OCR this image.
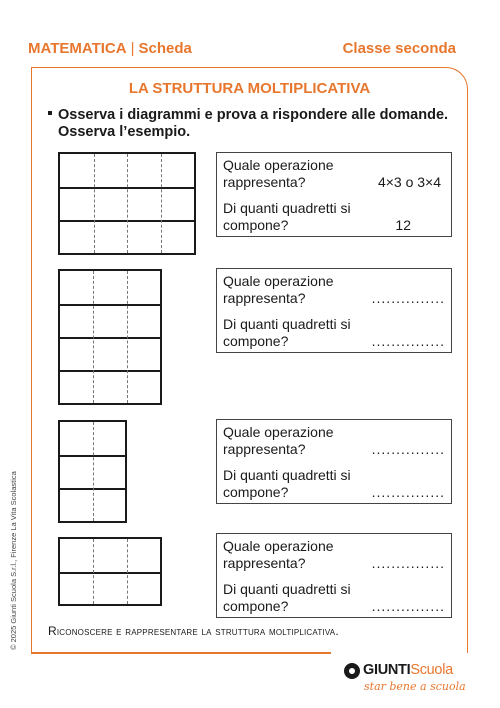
MATEMATICA | Scheda	Classe seconda
LA STRUTTURA MOLTIPLICATIVA
Osserva i diagrammi e prova a rispondere alle domande.
Osserva l’esempio.
Quale operazione rappresenta?	4×3 o 3×4
Di quanti quadretti si compone?	12
Quale operazione rappresenta?	...............
Di quanti quadretti si compone?	...............
Quale operazione rappresenta?	...............
Di quanti quadretti si compone?	...............
Quale operazione rappresenta?	...............
Di quanti quadretti si compone?	...............
Riconoscere e rappresentare la struttura moltiplicativa.
© 2025 Giunti Scuola S.r.l., Firenze La Vita Scolastica
GIUNTIScuola
star bene a scuola
